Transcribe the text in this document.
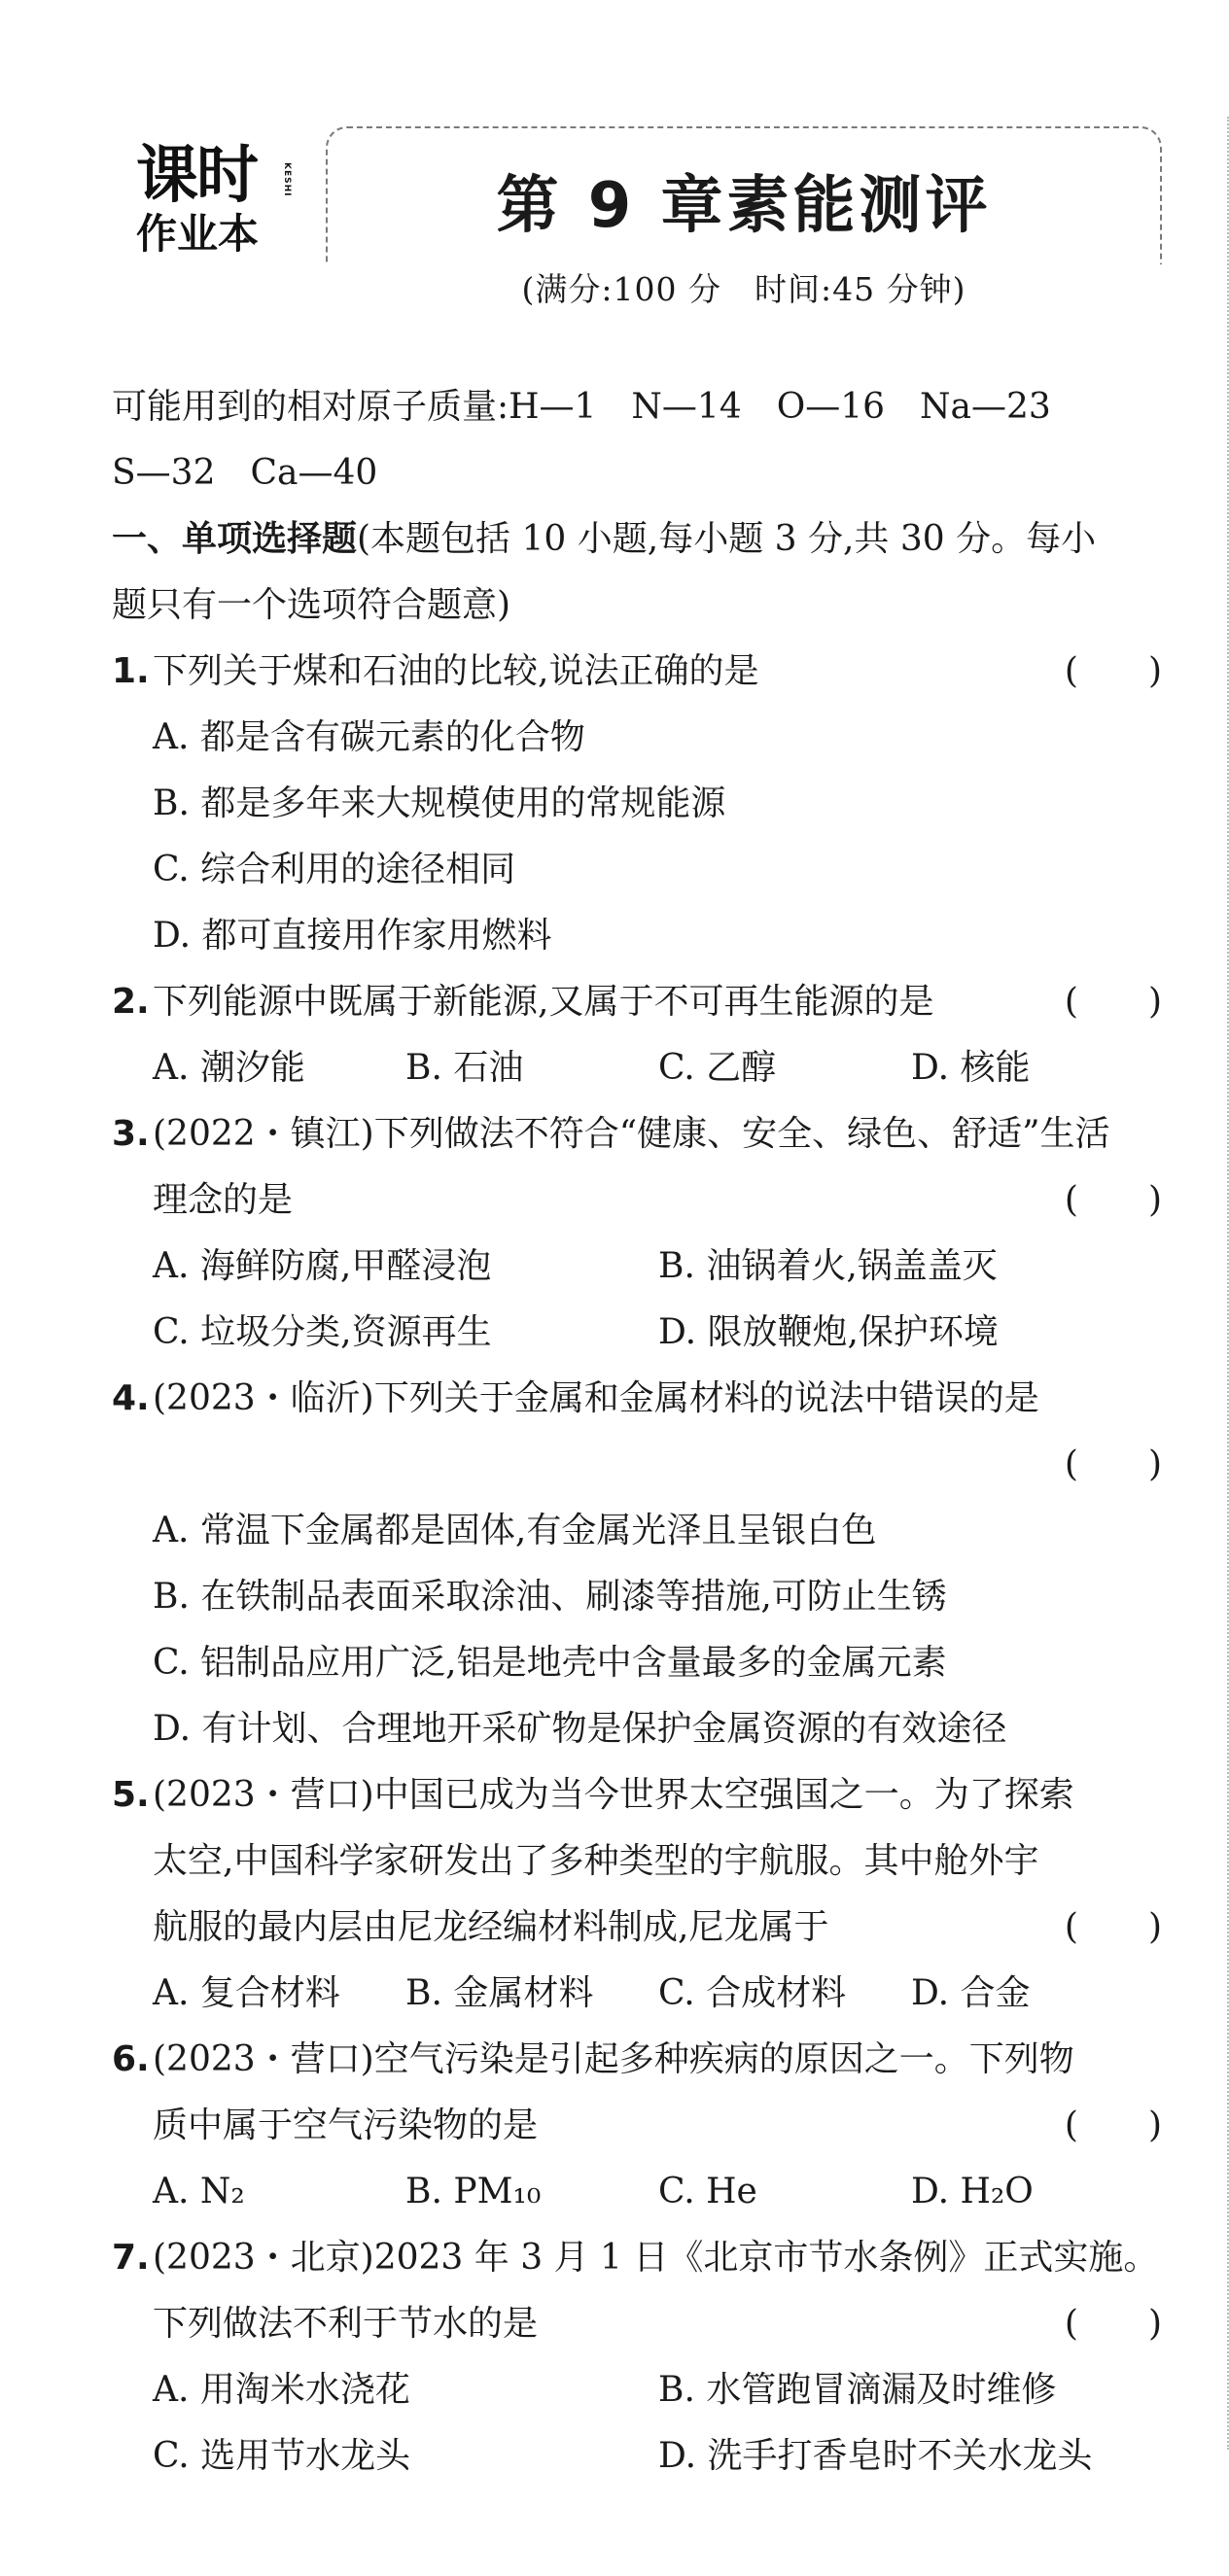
课时	KESHI
作业本	第 9 章素能测评
(满分:100 分　时间:45 分钟)
可能用到的相对原子质量:H—1　N—14　O—16　Na—23
S—32　Ca—40
一、单项选择题(本题包括 10 小题,每小题 3 分,共 30 分。每小
题只有一个选项符合题意)
1.下列关于煤和石油的比较,说法正确的是	(　　)
A. 都是含有碳元素的化合物
B. 都是多年来大规模使用的常规能源
C. 综合利用的途径相同
D. 都可直接用作家用燃料
2.下列能源中既属于新能源,又属于不可再生能源的是	(　　)
A. 潮汐能	B. 石油	C. 乙醇	D. 核能
3.(2022・镇江)下列做法不符合“健康、安全、绿色、舒适”生活
理念的是	(　　)
A. 海鲜防腐,甲醛浸泡	B. 油锅着火,锅盖盖灭
C. 垃圾分类,资源再生	D. 限放鞭炮,保护环境
4.(2023・临沂)下列关于金属和金属材料的说法中错误的是
(　　)
A. 常温下金属都是固体,有金属光泽且呈银白色
B. 在铁制品表面采取涂油、刷漆等措施,可防止生锈
C. 铝制品应用广泛,铝是地壳中含量最多的金属元素
D. 有计划、合理地开采矿物是保护金属资源的有效途径
5.(2023・营口)中国已成为当今世界太空强国之一。为了探索
太空,中国科学家研发出了多种类型的宇航服。其中舱外宇
航服的最内层由尼龙经编材料制成,尼龙属于	(　　)
A. 复合材料	B. 金属材料	C. 合成材料	D. 合金
6.(2023・营口)空气污染是引起多种疾病的原因之一。下列物
质中属于空气污染物的是	(　　)
A. N₂	B. PM₁₀	C. He	D. H₂O
7.(2023・北京)2023 年 3 月 1 日《北京市节水条例》正式实施。
下列做法不利于节水的是	(　　)
A. 用淘米水浇花	B. 水管跑冒滴漏及时维修
C. 选用节水龙头	D. 洗手打香皂时不关水龙头
